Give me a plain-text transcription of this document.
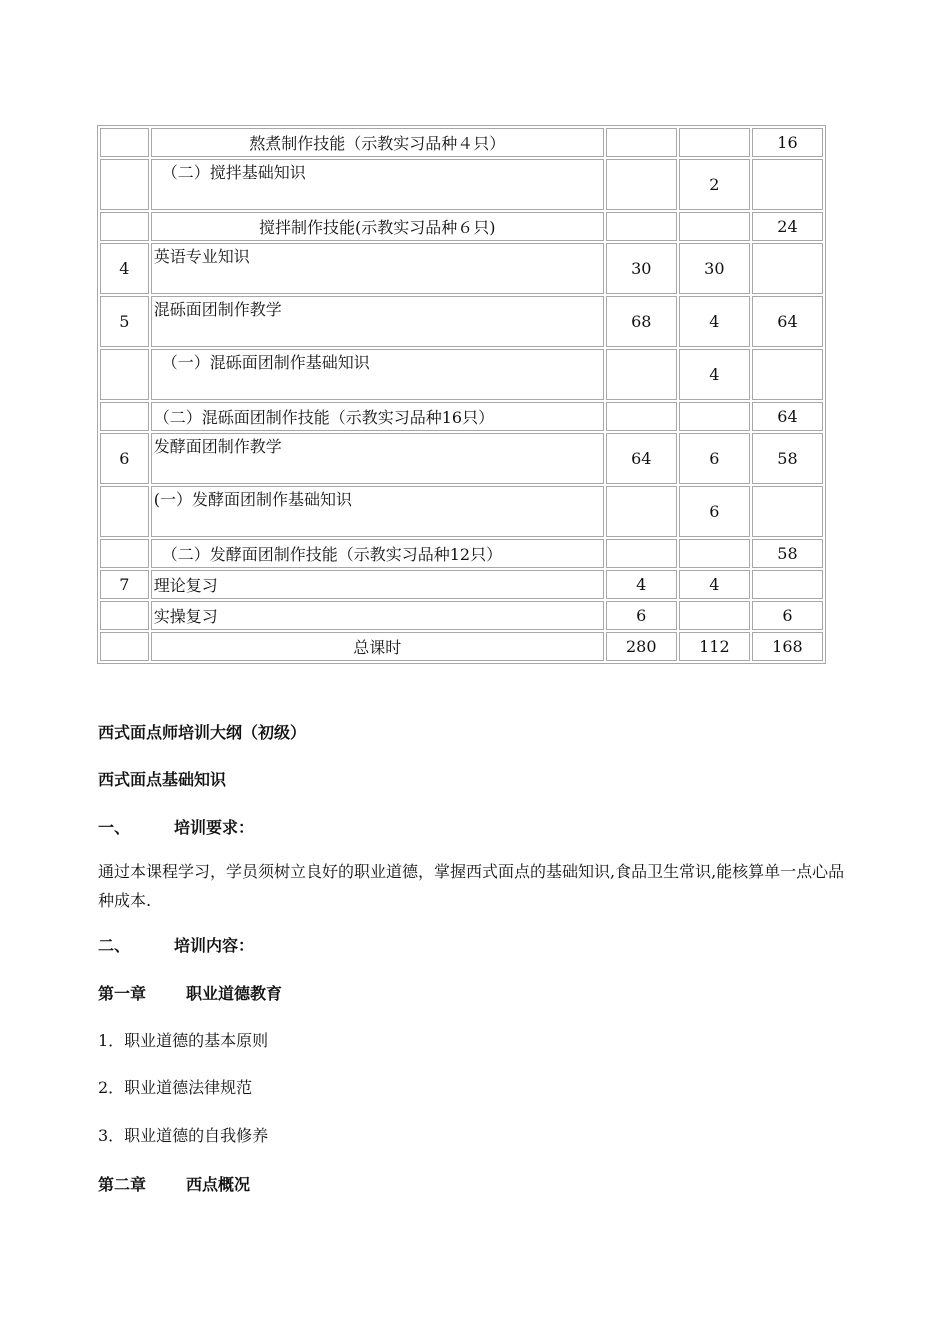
	熬煮制作技能（示教实习品种４只）			16
	（二）搅拌基础知识		2	
	搅拌制作技能(示教实习品种６只)			24
4	英语专业知识	30	30	
5	混砾面团制作教学	68	4	64
	（一）混砾面团制作基础知识		4	
	（二）混砾面团制作技能（示教实习品种16只）			64
6	发酵面团制作教学	64	6	58
	(一）发酵面团制作基础知识		6	
	（二）发酵面团制作技能（示教实习品种12只）			58
7	理论复习	4	4	
	实操复习	6		6
	总课时	280	112	168

西式面点师培训大纲（初级）

西式面点基础知识

一、	培训要求：

通过本课程学习，学员须树立良好的职业道德，掌握西式面点的基础知识,食品卫生常识,能核算单一点心品种成本.

二、	培训内容：

第一章	职业道德教育

1．职业道德的基本原则

2．职业道德法律规范

3．职业道德的自我修养

第二章	西点概况
